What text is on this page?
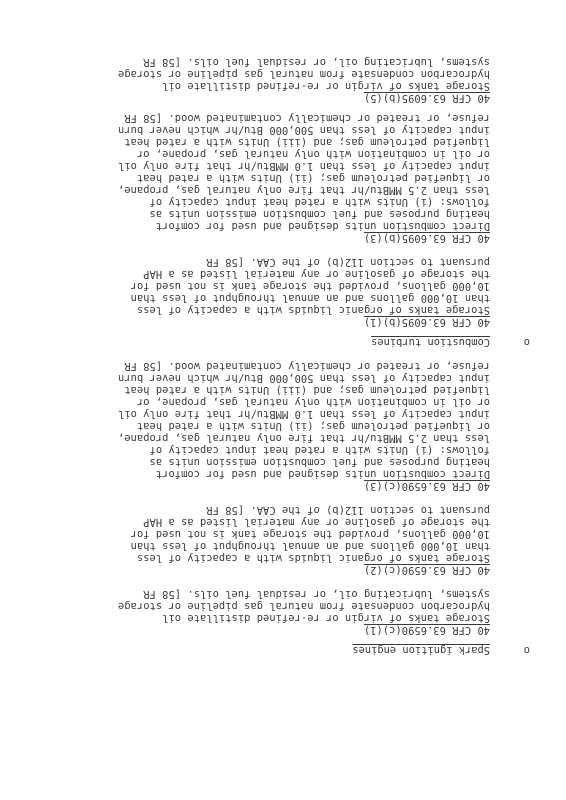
o
Spark ignition engines
40 CFR 63.6590(c)(1)
Storage tanks of virgin or re-refined distillate oil
hydrocarbon condensate from natural gas pipeline or storage
systems, lubricating oil, or residual fuel oils. [58 FR
40 CFR 63.6590(c)(2)
Storage tanks of organic liquids with a capacity of less
than 10,000 gallons and an annual throughput of less than
10,000 gallons, provided the storage tank is not used for
the storage of gasoline or any material listed as a HAP
pursuant to section 112(b) of the CAA. [58 FR
40 CFR 63.6590(c)(3)
Direct combustion units designed and used for comfort
heating purposes and fuel combustion emission units as
follows: (i) Units with a rated heat input capacity of
less than 2.5 MMBtu/hr that fire only natural gas, propane,
or liquefied petroleum gas; (ii) Units with a rated heat
input capacity of less than 1.0 MMBtu/hr that fire only oil
or oil in combination with only natural gas, propane, or
liquefied petroleum gas; and (iii) Units with a rated heat
input capacity of less than 500,000 Btu/hr which never burn
refuse, or treated or chemically contaminated wood. [58 FR
o
Combustion turbines
40 CFR 63.6095(b)(1)
Storage tanks of organic liquids with a capacity of less
than 10,000 gallons and an annual throughput of less than
10,000 gallons, provided the storage tank is not used for
the storage of gasoline or any material listed as a HAP
pursuant to section 112(b) of the CAA. [58 FR
40 CFR 63.6095(b)(3)
Direct combustion units designed and used for comfort
heating purposes and fuel combustion emission units as
follows: (i) Units with a rated heat input capacity of
less than 2.5 MMBtu/hr that fire only natural gas, propane,
or liquefied petroleum gas; (ii) Units with a rated heat
input capacity of less than 1.0 MMBtu/hr that fire only oil
or oil in combination with only natural gas, propane, or
liquefied petroleum gas; and (iii) Units with a rated heat
input capacity of less than 500,000 Btu/hr which never burn
refuse, or treated or chemically contaminated wood. [58 FR
40 CFR 63.6095(b)(5)
Storage tanks of virgin or re-refined distillate oil
hydrocarbon condensate from natural gas pipeline or storage
systems, lubricating oil, or residual fuel oils. [58 FR
